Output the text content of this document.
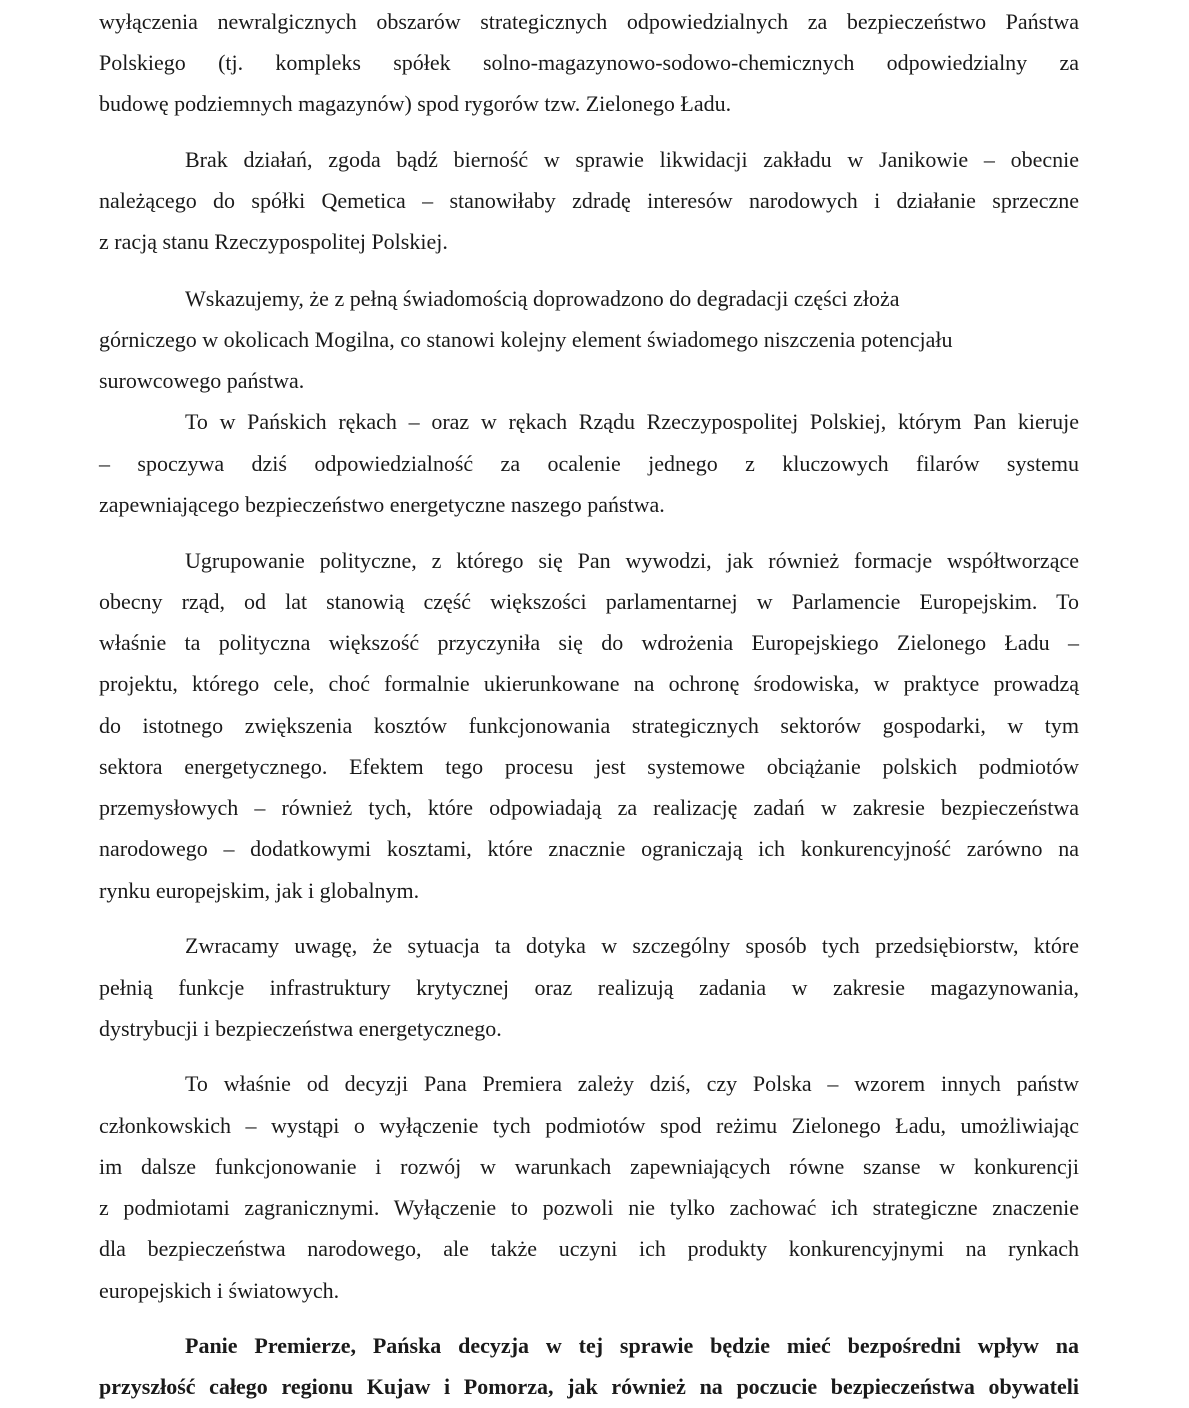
wyłączenia newralgicznych obszarów strategicznych odpowiedzialnych za bezpieczeństwo Państwa
Polskiego (tj. kompleks spółek solno-magazynowo-sodowo-chemicznych odpowiedzialny za
budowę podziemnych magazynów) spod rygorów tzw. Zielonego Ładu.
Brak działań, zgoda bądź bierność w sprawie likwidacji zakładu w Janikowie – obecnie
należącego do spółki Qemetica – stanowiłaby zdradę interesów narodowych i działanie sprzeczne
z racją stanu Rzeczypospolitej Polskiej.
Wskazujemy, że z pełną świadomością doprowadzono do degradacji części złoża
górniczego w okolicach Mogilna, co stanowi kolejny element świadomego niszczenia potencjału
surowcowego państwa.
To w Pańskich rękach – oraz w rękach Rządu Rzeczypospolitej Polskiej, którym Pan kieruje
– spoczywa dziś odpowiedzialność za ocalenie jednego z kluczowych filarów systemu
zapewniającego bezpieczeństwo energetyczne naszego państwa.
Ugrupowanie polityczne, z którego się Pan wywodzi, jak również formacje współtworzące
obecny rząd, od lat stanowią część większości parlamentarnej w Parlamencie Europejskim. To
właśnie ta polityczna większość przyczyniła się do wdrożenia Europejskiego Zielonego Ładu –
projektu, którego cele, choć formalnie ukierunkowane na ochronę środowiska, w praktyce prowadzą
do istotnego zwiększenia kosztów funkcjonowania strategicznych sektorów gospodarki, w tym
sektora energetycznego. Efektem tego procesu jest systemowe obciążanie polskich podmiotów
przemysłowych – również tych, które odpowiadają za realizację zadań w zakresie bezpieczeństwa
narodowego – dodatkowymi kosztami, które znacznie ograniczają ich konkurencyjność zarówno na
rynku europejskim, jak i globalnym.
Zwracamy uwagę, że sytuacja ta dotyka w szczególny sposób tych przedsiębiorstw, które
pełnią funkcje infrastruktury krytycznej oraz realizują zadania w zakresie magazynowania,
dystrybucji i bezpieczeństwa energetycznego.
To właśnie od decyzji Pana Premiera zależy dziś, czy Polska – wzorem innych państw
członkowskich – wystąpi o wyłączenie tych podmiotów spod reżimu Zielonego Ładu, umożliwiając
im dalsze funkcjonowanie i rozwój w warunkach zapewniających równe szanse w konkurencji
z podmiotami zagranicznymi. Wyłączenie to pozwoli nie tylko zachować ich strategiczne znaczenie
dla bezpieczeństwa narodowego, ale także uczyni ich produkty konkurencyjnymi na rynkach
europejskich i światowych.
Panie Premierze, Pańska decyzja w tej sprawie będzie mieć bezpośredni wpływ na
przyszłość całego regionu Kujaw i Pomorza, jak również na poczucie bezpieczeństwa obywateli
